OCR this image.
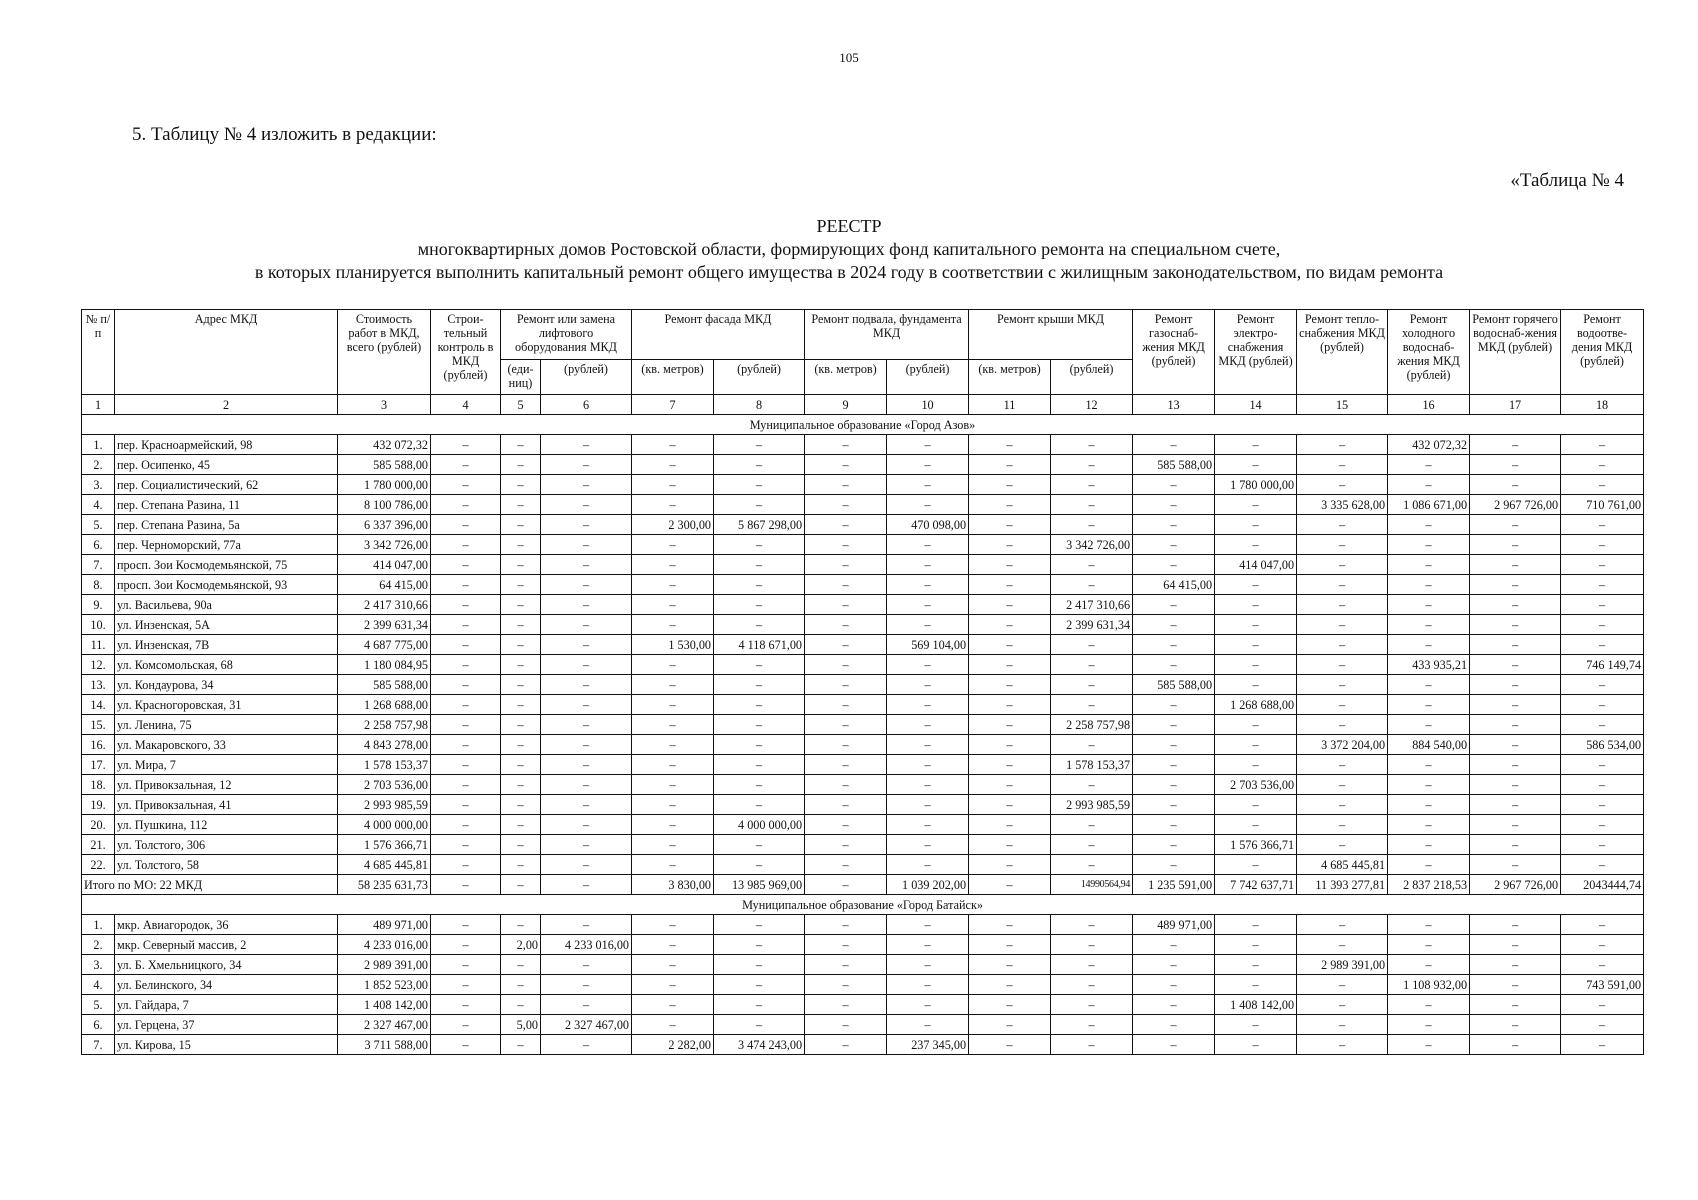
105
5. Таблицу № 4 изложить в редакции:
«Таблица № 4
РЕЕСТР
многоквартирных домов Ростовской области, формирующих фонд капитального ремонта на специальном счете,
в которых планируется выполнить капитальный ремонт общего имущества в 2024 году в соответствии с жилищным законодательством, по видам ремонта
№ п/п	Адрес МКД	Стоимость работ в МКД, всего (рублей)	Строи-тельный контроль в МКД (рублей)	Ремонт или замена лифтового оборудования МКД		Ремонт фасада МКД		Ремонт подвала, фундамента МКД		Ремонт крыши МКД		Ремонт газоснаб-жения МКД (рублей)	Ремонт электро-снабжения МКД (рублей)	Ремонт тепло-снабжения МКД (рублей)	Ремонт холодного водоснаб-жения МКД (рублей)	Ремонт горячего водоснаб-жения МКД (рублей)	Ремонт водоотве-дения МКД (рублей)
				(еди-ниц)	(рублей)	(кв. метров)	(рублей)	(кв. метров)	(рублей)	(кв. метров)	(рублей)						
1	2	3	4	5	6	7	8	9	10	11	12	13	14	15	16	17	18
Муниципальное образование «Город Азов»																	
1.	пер. Красноармейский, 98	432 072,32	–	–	–	–	–	–	–	–	–	–	–	–	432 072,32	–	–
2.	пер. Осипенко, 45	585 588,00	–	–	–	–	–	–	–	–	–	585 588,00	–	–	–	–	–
3.	пер. Социалистический, 62	1 780 000,00	–	–	–	–	–	–	–	–	–	–	1 780 000,00	–	–	–	–
4.	пер. Степана Разина, 11	8 100 786,00	–	–	–	–	–	–	–	–	–	–	–	3 335 628,00	1 086 671,00	2 967 726,00	710 761,00
5.	пер. Степана Разина, 5а	6 337 396,00	–	–	–	2 300,00	5 867 298,00	–	470 098,00	–	–	–	–	–	–	–	–
6.	пер. Черноморский, 77а	3 342 726,00	–	–	–	–	–	–	–	–	3 342 726,00	–	–	–	–	–	–
7.	просп. Зои Космодемьянской, 75	414 047,00	–	–	–	–	–	–	–	–	–	–	414 047,00	–	–	–	–
8.	просп. Зои Космодемьянской, 93	64 415,00	–	–	–	–	–	–	–	–	–	64 415,00	–	–	–	–	–
9.	ул. Васильева, 90а	2 417 310,66	–	–	–	–	–	–	–	–	2 417 310,66	–	–	–	–	–	–
10.	ул. Инзенская, 5А	2 399 631,34	–	–	–	–	–	–	–	–	2 399 631,34	–	–	–	–	–	–
11.	ул. Инзенская, 7В	4 687 775,00	–	–	–	1 530,00	4 118 671,00	–	569 104,00	–	–	–	–	–	–	–	–
12.	ул. Комсомольская, 68	1 180 084,95	–	–	–	–	–	–	–	–	–	–	–	–	433 935,21	–	746 149,74
13.	ул. Кондаурова, 34	585 588,00	–	–	–	–	–	–	–	–	–	585 588,00	–	–	–	–	–
14.	ул. Красногоровская, 31	1 268 688,00	–	–	–	–	–	–	–	–	–	–	1 268 688,00	–	–	–	–
15.	ул. Ленина, 75	2 258 757,98	–	–	–	–	–	–	–	–	2 258 757,98	–	–	–	–	–	–
16.	ул. Макаровского, 33	4 843 278,00	–	–	–	–	–	–	–	–	–	–	–	3 372 204,00	884 540,00	–	586 534,00
17.	ул. Мира, 7	1 578 153,37	–	–	–	–	–	–	–	–	1 578 153,37	–	–	–	–	–	–
18.	ул. Привокзальная, 12	2 703 536,00	–	–	–	–	–	–	–	–	–	–	2 703 536,00	–	–	–	–
19.	ул. Привокзальная, 41	2 993 985,59	–	–	–	–	–	–	–	–	2 993 985,59	–	–	–	–	–	–
20.	ул. Пушкина, 112	4 000 000,00	–	–	–	–	4 000 000,00	–	–	–	–	–	–	–	–	–	–
21.	ул. Толстого, 306	1 576 366,71	–	–	–	–	–	–	–	–	–	–	1 576 366,71	–	–	–	–
22.	ул. Толстого, 58	4 685 445,81	–	–	–	–	–	–	–	–	–	–	–	4 685 445,81	–	–	–
Итого по МО: 22 МКД		58 235 631,73	–	–	–	3 830,00	13 985 969,00	–	1 039 202,00	–	14990564,94	1 235 591,00	7 742 637,71	11 393 277,81	2 837 218,53	2 967 726,00	2043444,74
Муниципальное образование «Город Батайск»																	
1.	мкр. Авиагородок, 36	489 971,00	–	–	–	–	–	–	–	–	–	489 971,00	–	–	–	–	–
2.	мкр. Северный массив, 2	4 233 016,00	–	2,00	4 233 016,00	–	–	–	–	–	–	–	–	–	–	–	–
3.	ул. Б. Хмельницкого, 34	2 989 391,00	–	–	–	–	–	–	–	–	–	–	–	2 989 391,00	–	–	–
4.	ул. Белинского, 34	1 852 523,00	–	–	–	–	–	–	–	–	–	–	–	–	1 108 932,00	–	743 591,00
5.	ул. Гайдара, 7	1 408 142,00	–	–	–	–	–	–	–	–	–	–	1 408 142,00	–	–	–	–
6.	ул. Герцена, 37	2 327 467,00	–	5,00	2 327 467,00	–	–	–	–	–	–	–	–	–	–	–	–
7.	ул. Кирова, 15	3 711 588,00	–	–	–	2 282,00	3 474 243,00	–	237 345,00	–	–	–	–	–	–	–	–
